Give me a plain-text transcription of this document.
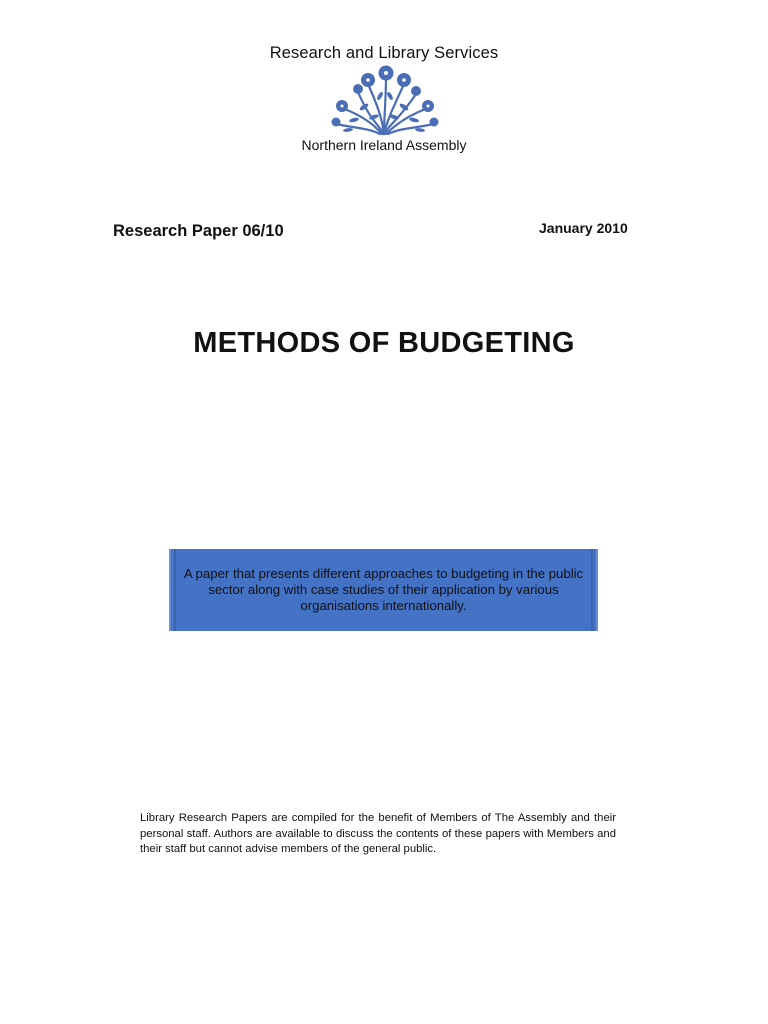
Research and Library Services
Northern Ireland Assembly
Research Paper 06/10	January 2010
METHODS OF BUDGETING
A paper that presents different approaches to budgeting in the public sector along with case studies of their application by various organisations internationally.
Library Research Papers are compiled for the benefit of Members of The Assembly and their personal staff. Authors are available to discuss the contents of these papers with Members and their staff but cannot advise members of the general public.
